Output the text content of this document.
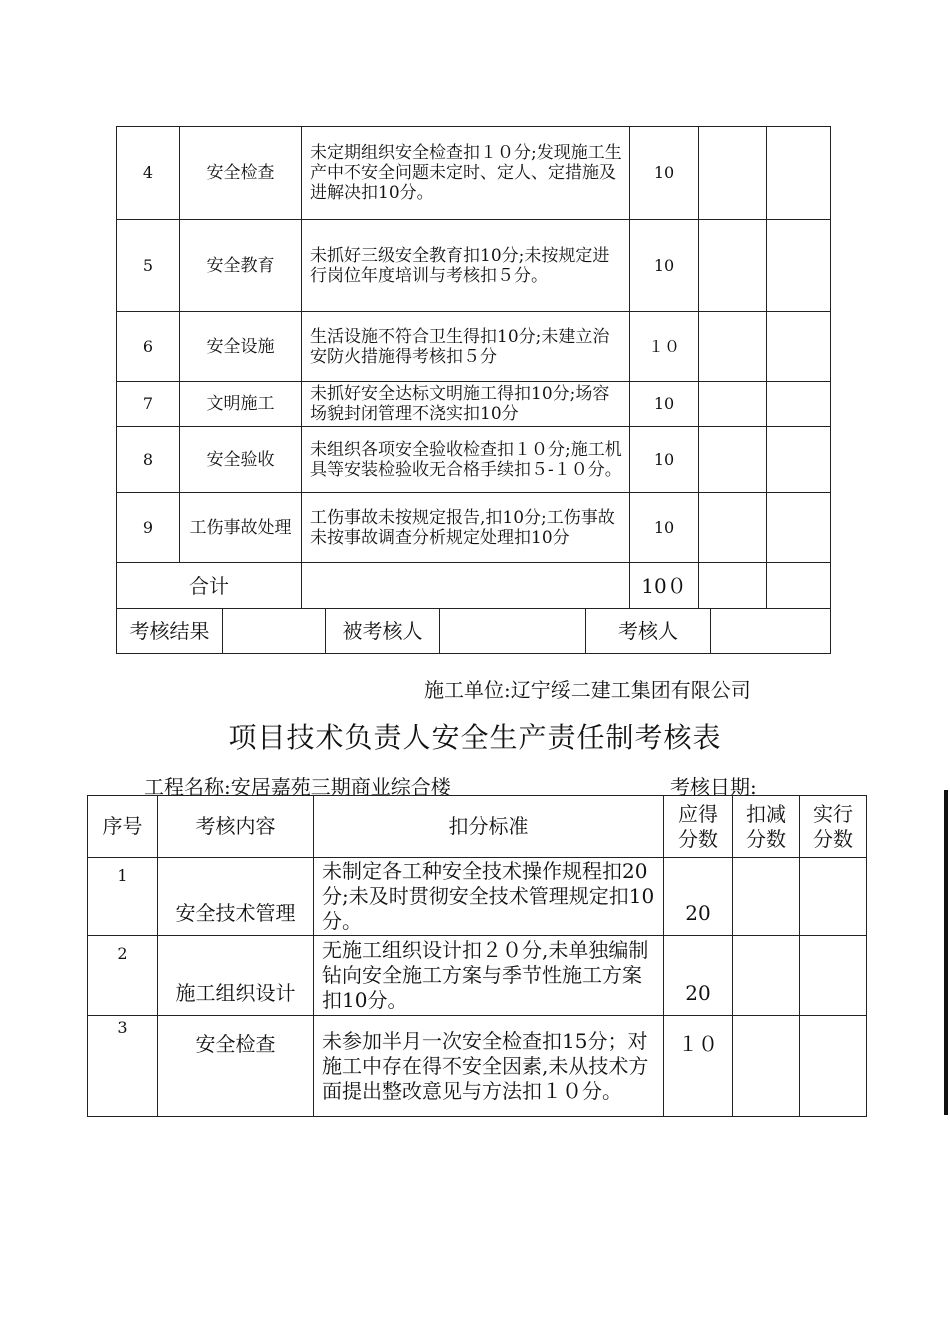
4	安全检查	未定期组织安全检查扣１０分;发现施工生产中不安全问题未定时、定人、定措施及进解决扣10分。	10		
5	安全教育	未抓好三级安全教育扣10分;未按规定进行岗位年度培训与考核扣５分。	10		
6	安全设施	生活设施不符合卫生得扣10分;未建立治安防火措施得考核扣５分	１０		
7	文明施工	未抓好安全达标文明施工得扣10分;场容场貌封闭管理不浇实扣10分	10		
8	安全验收	未组织各项安全验收检查扣１０分;施工机具等安装检验收无合格手续扣５-１０分。	10		
9	工伤事故处理	工伤事故未按规定报告,扣10分;工伤事故未按事故调查分析规定处理扣10分	10		
合计			10０		
考核结果		被考核人		考核人	
施工单位:辽宁绥二建工集团有限公司
项目技术负责人安全生产责任制考核表
工程名称:安居嘉苑三期商业综合楼	考核日期:
序号	考核内容	扣分标准	应得分数	扣减分数	实行分数
1	安全技术管理	未制定各工种安全技术操作规程扣20分;未及时贯彻安全技术管理规定扣10分。	20		
2	施工组织设计	无施工组织设计扣２０分,未单独编制钻向安全施工方案与季节性施工方案扣10分。	20		
3	安全检查	未参加半月一次安全检查扣15分；对施工中存在得不安全因素,未从技术方面提出整改意见与方法扣１０分。	１０		
